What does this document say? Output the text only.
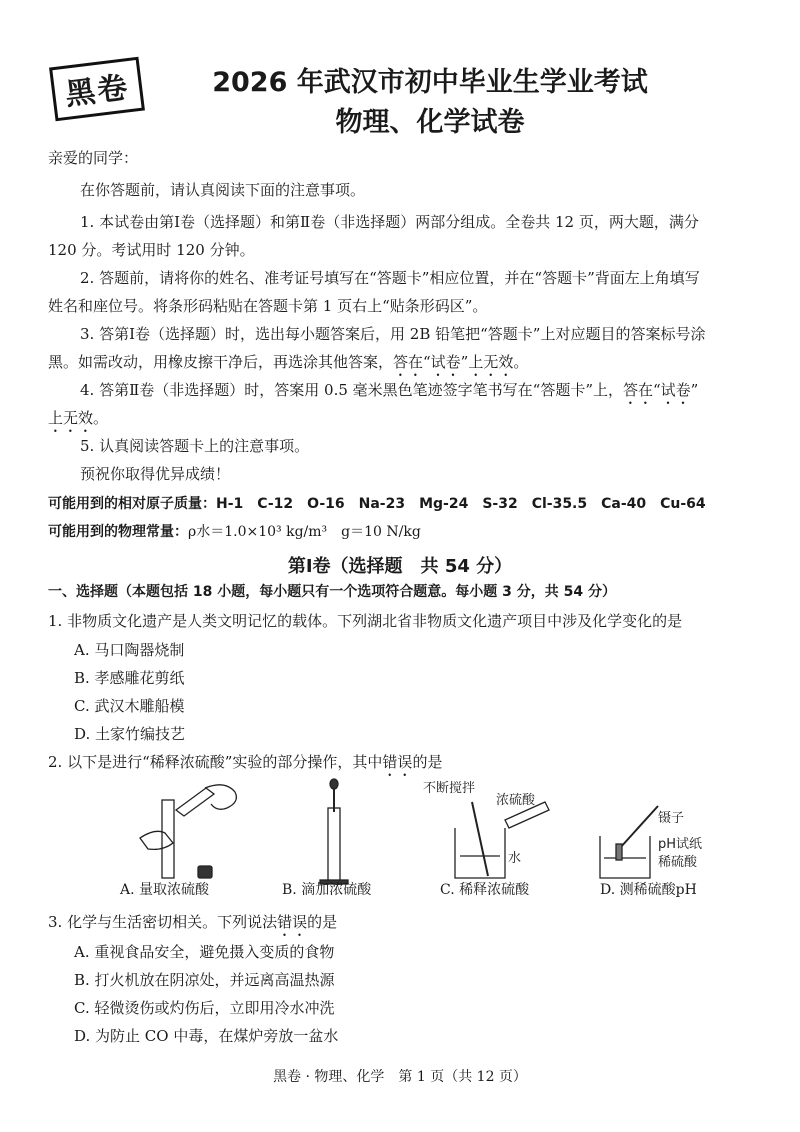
黑卷	2026 年武汉市初中毕业生学业考试
物理、化学试卷
亲爱的同学：
在你答题前，请认真阅读下面的注意事项。
1. 本试卷由第Ⅰ卷（选择题）和第Ⅱ卷（非选择题）两部分组成。全卷共 12 页，两大题，满分
120 分。考试用时 120 分钟。
2. 答题前，请将你的姓名、准考证号填写在“答题卡”相应位置，并在“答题卡”背面左上角填写
姓名和座位号。将条形码粘贴在答题卡第 1 页右上“贴条形码区”。
3. 答第Ⅰ卷（选择题）时，选出每小题答案后，用 2B 铅笔把“答题卡”上对应题目的答案标号涂
黑。如需改动，用橡皮擦干净后，再选涂其他答案，答在“试卷”上无效。
4. 答第Ⅱ卷（非选择题）时，答案用 0.5 毫米黑色笔迹签字笔书写在“答题卡”上，答在“试卷”
上无效。
5. 认真阅读答题卡上的注意事项。
预祝你取得优异成绩！
可能用到的相对原子质量：H-1　C-12　O-16　Na-23　Mg-24　S-32　Cl-35.5　Ca-40　Cu-64
可能用到的物理常量：ρ水＝1.0×10³ kg/m³　g＝10 N/kg
第Ⅰ卷（选择题　共 54 分）
一、选择题（本题包括 18 小题，每小题只有一个选项符合题意。每小题 3 分，共 54 分）
1. 非物质文化遗产是人类文明记忆的载体。下列湖北省非物质文化遗产项目中涉及化学变化的是
A. 马口陶器烧制
B. 孝感雕花剪纸
C. 武汉木雕船模
D. 土家竹编技艺
2. 以下是进行“稀释浓硫酸”实验的部分操作，其中错误的是
不断搅拌
浓硫酸
水
镊子
pH试纸
稀硫酸
A. 量取浓硫酸	B. 滴加浓硫酸	C. 稀释浓硫酸	D. 测稀硫酸pH
3. 化学与生活密切相关。下列说法错误的是
A. 重视食品安全，避免摄入变质的食物
B. 打火机放在阴凉处，并远离高温热源
C. 轻微烫伤或灼伤后，立即用冷水冲洗
D. 为防止 CO 中毒，在煤炉旁放一盆水
黑卷 · 物理、化学　第 1 页（共 12 页）
